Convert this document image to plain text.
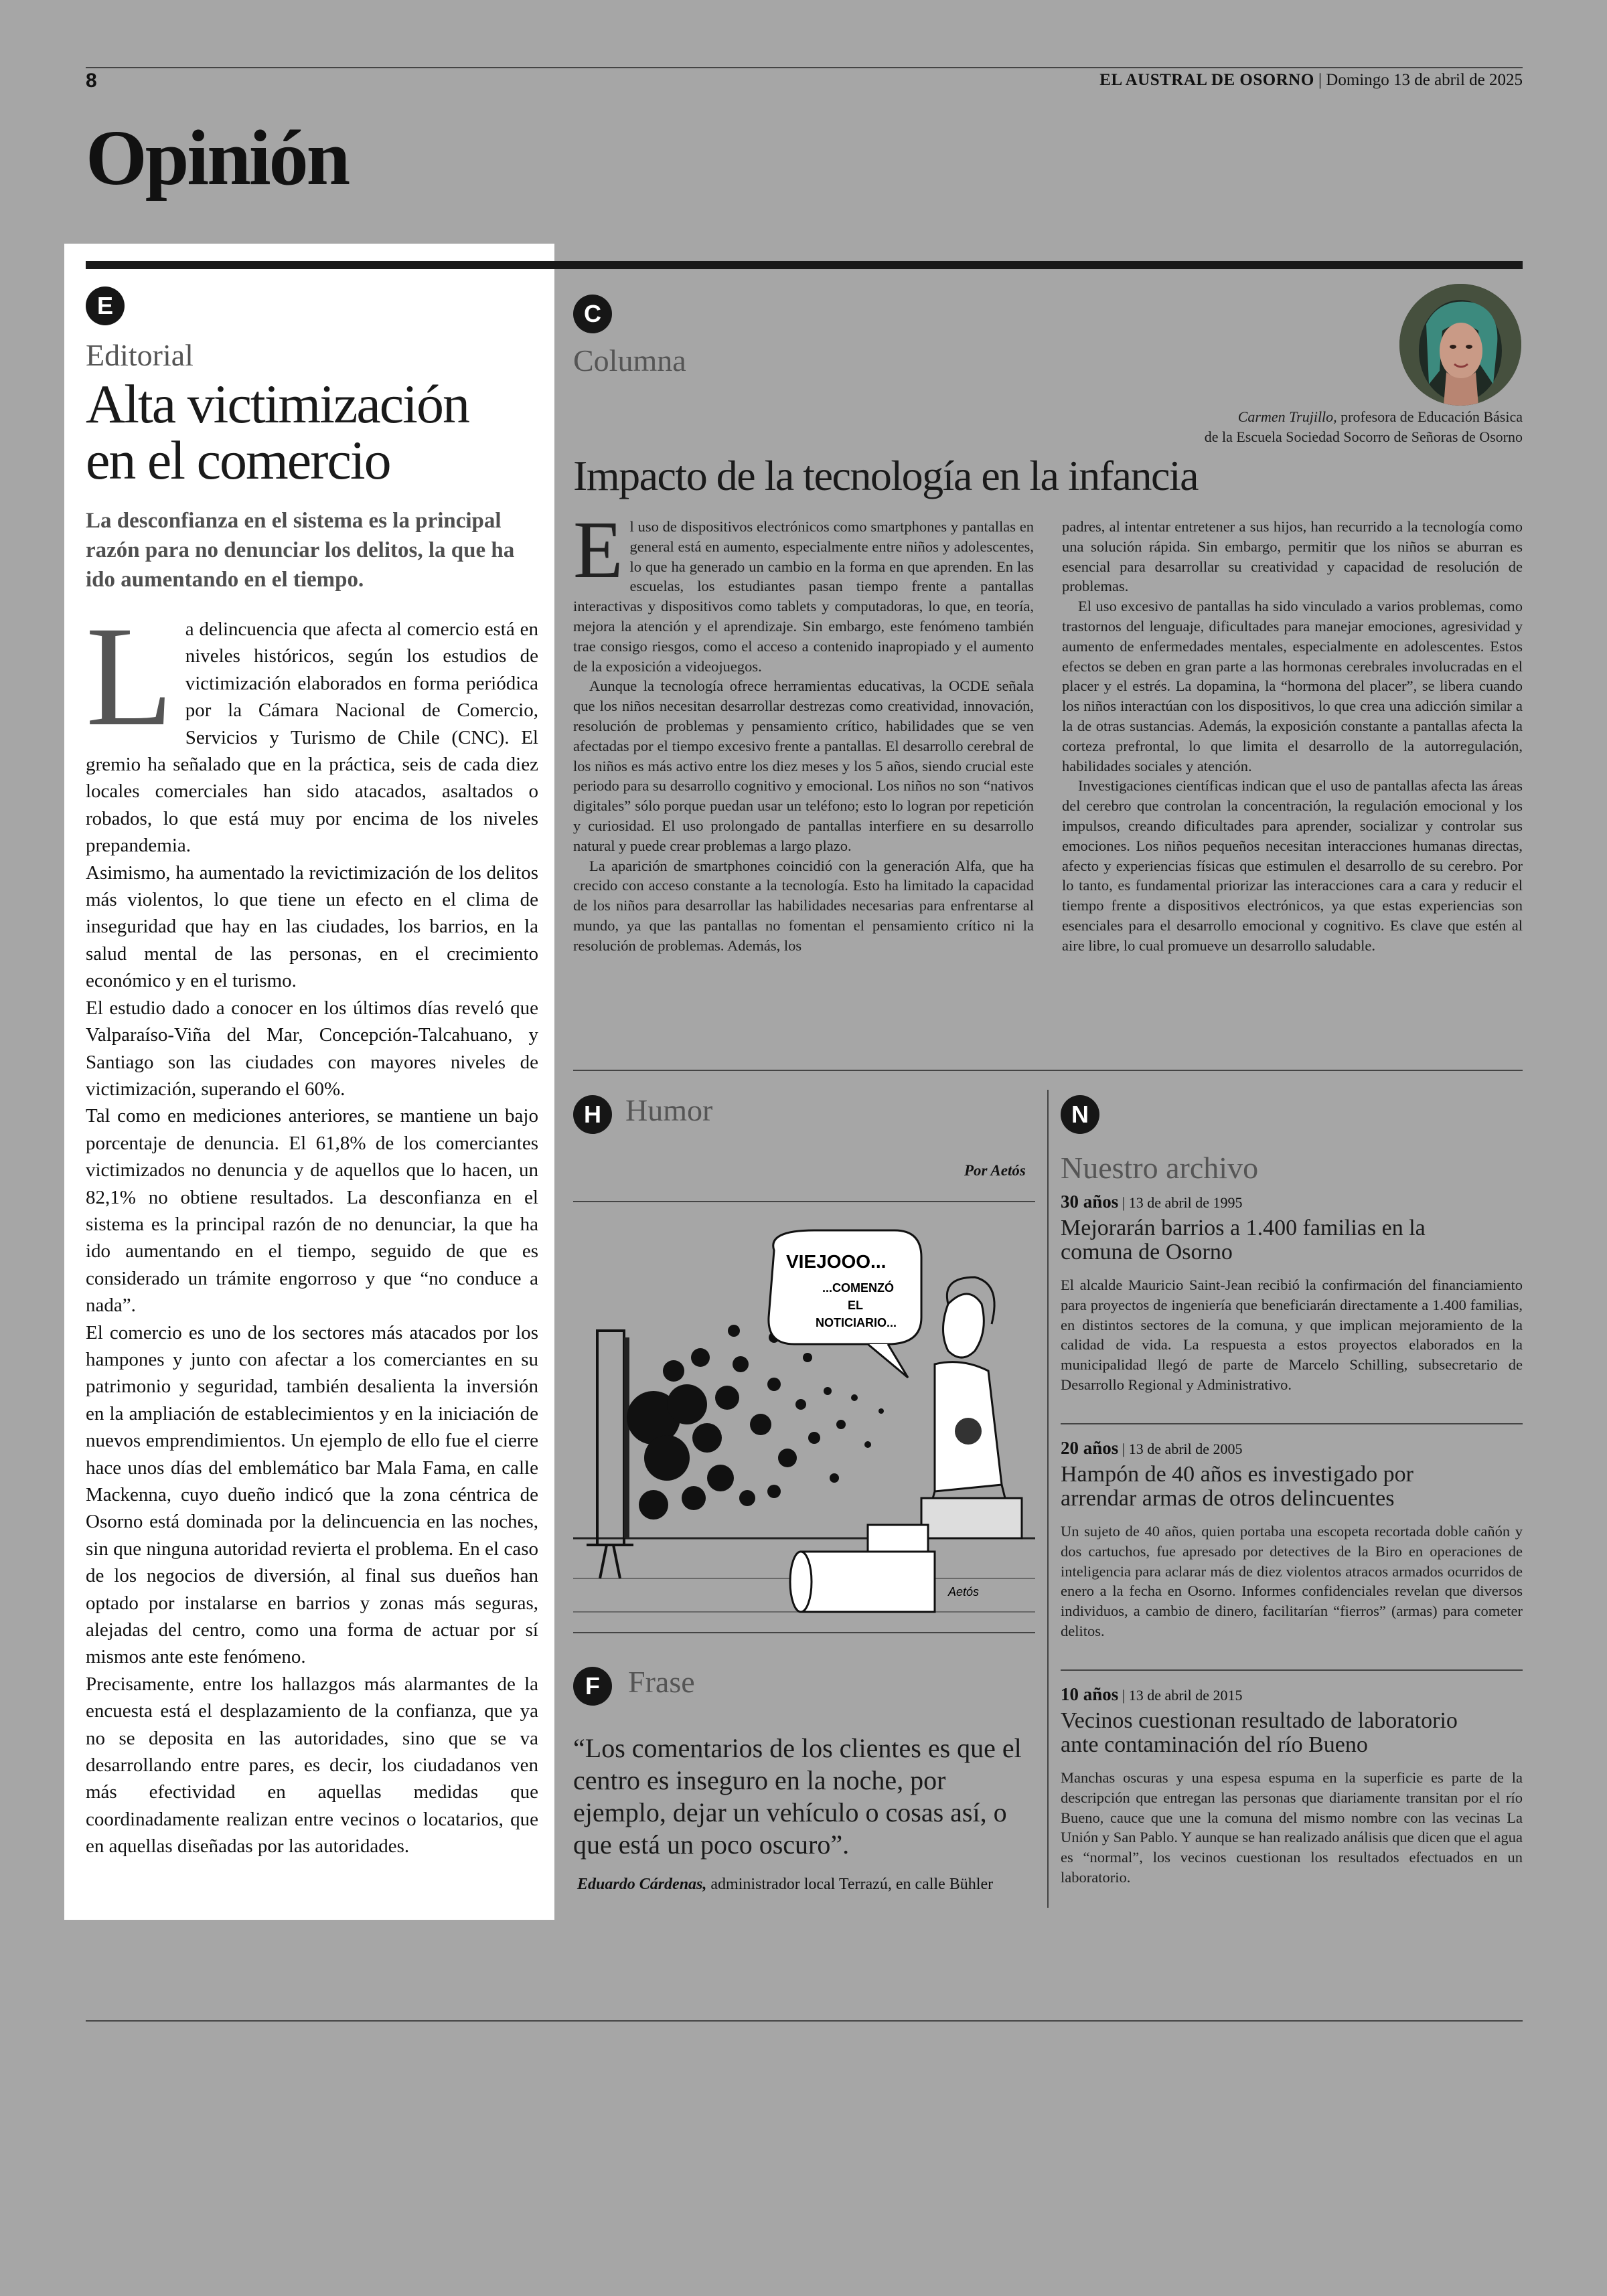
8	EL AUSTRAL DE OSORNO | Domingo 13 de abril de 2025
Opinión
E
Editorial
Alta victimización
en el comercio
La desconfianza en el sistema es la principal razón para no denunciar los delitos, la que ha ido aumentando en el tiempo.
L a delincuencia que afecta al comercio está en niveles históricos, según los estudios de victimización elaborados en forma periódica por la Cámara Nacional de Comercio, Servicios y Turismo de Chile (CNC). El gremio ha señalado que en la práctica, seis de cada diez locales comerciales han sido atacados, asaltados o robados, lo que está muy por encima de los niveles prepandemia.

Asimismo, ha aumentado la revictimización de los delitos más violentos, lo que tiene un efecto en el clima de inseguridad que hay en las ciudades, los barrios, en la salud mental de las personas, en el crecimiento económico y en el turismo.

El estudio dado a conocer en los últimos días reveló que Valparaíso-Viña del Mar, Concepción-Talcahuano, y Santiago son las ciudades con mayores niveles de victimización, superando el 60%.

Tal como en mediciones anteriores, se mantiene un bajo porcentaje de denuncia. El 61,8% de los comerciantes victimizados no denuncia y de aquellos que lo hacen, un 82,1% no obtiene resultados. La desconfianza en el sistema es la principal razón de no denunciar, la que ha ido aumentando en el tiempo, seguido de que es considerado un trámite engorroso y que “no conduce a nada”.

El comercio es uno de los sectores más atacados por los hampones y junto con afectar a los comerciantes en su patrimonio y seguridad, también desalienta la inversión en la ampliación de establecimientos y en la iniciación de nuevos emprendimientos. Un ejemplo de ello fue el cierre hace unos días del emblemático bar Mala Fama, en calle Mackenna, cuyo dueño indicó que la zona céntrica de Osorno está dominada por la delincuencia en las noches, sin que ninguna autoridad revierta el problema. En el caso de los negocios de diversión, al final sus dueños han optado por instalarse en barrios y zonas más seguras, alejadas del centro, como una forma de actuar por sí mismos ante este fenómeno.

Precisamente, entre los hallazgos más alarmantes de la encuesta está el desplazamiento de la confianza, que ya no se deposita en las autoridades, sino que se va desarrollando entre pares, es decir, los ciudadanos ven más efectividad en aquellas medidas que coordinadamente realizan entre vecinos o locatarios, que en aquellas diseñadas por las autoridades.

C
Columna
Carmen Trujillo, profesora de Educación Básica
de la Escuela Sociedad Socorro de Señoras de Osorno
Impacto de la tecnología en la infancia
E l uso de dispositivos electrónicos como smartphones y pantallas en general está en aumento, especialmente entre niños y adolescentes, lo que ha generado un cambio en la forma en que aprenden. En las escuelas, los estudiantes pasan tiempo frente a pantallas interactivas y dispositivos como tablets y computadoras, lo que, en teoría, mejora la atención y el aprendizaje. Sin embargo, este fenómeno también trae consigo riesgos, como el acceso a contenido inapropiado y el aumento de la exposición a videojuegos.

Aunque la tecnología ofrece herramientas educativas, la OCDE señala que los niños necesitan desarrollar destrezas como creatividad, innovación, resolución de problemas y pensamiento crítico, habilidades que se ven afectadas por el tiempo excesivo frente a pantallas. El desarrollo cerebral de los niños es más activo entre los diez meses y los 5 años, siendo crucial este periodo para su desarrollo cognitivo y emocional. Los niños no son “nativos digitales” sólo porque puedan usar un teléfono; esto lo logran por repetición y curiosidad. El uso prolongado de pantallas interfiere en su desarrollo natural y puede crear problemas a largo plazo.

La aparición de smartphones coincidió con la generación Alfa, que ha crecido con acceso constante a la tecnología. Esto ha limitado la capacidad de los niños para desarrollar las habilidades necesarias para enfrentarse al mundo, ya que las pantallas no fomentan el pensamiento crítico ni la resolución de problemas. Además, los

padres, al intentar entretener a sus hijos, han recurrido a la tecnología como una solución rápida. Sin embargo, permitir que los niños se aburran es esencial para desarrollar su creatividad y capacidad de resolución de problemas.

El uso excesivo de pantallas ha sido vinculado a varios problemas, como trastornos del lenguaje, dificultades para manejar emociones, agresividad y aumento de enfermedades mentales, especialmente en adolescentes. Estos efectos se deben en gran parte a las hormonas cerebrales involucradas en el placer y el estrés. La dopamina, la “hormona del placer”, se libera cuando los niños interactúan con los dispositivos, lo que crea una adicción similar a la de otras sustancias. Además, la exposición constante a pantallas afecta la corteza prefrontal, lo que limita el desarrollo de la autorregulación, habilidades sociales y atención.

Investigaciones científicas indican que el uso de pantallas afecta las áreas del cerebro que controlan la concentración, la regulación emocional y los impulsos, creando dificultades para aprender, socializar y controlar sus emociones. Los niños pequeños necesitan interacciones humanas directas, afecto y experiencias físicas que estimulen el desarrollo de su cerebro. Por lo tanto, es fundamental priorizar las interacciones cara a cara y reducir el tiempo frente a dispositivos electrónicos, ya que estas experiencias son esenciales para el desarrollo emocional y cognitivo. Es clave que estén al aire libre, lo cual promueve un desarrollo saludable.

H Humor
Por Aetós
VIEJOOO...
...COMENZÓ
EL
NOTICIARIO...
Aetós
F Frase
“Los comentarios de los clientes es que el centro es inseguro en la noche, por ejemplo, dejar un vehículo o cosas así, o que está un poco oscuro”.
Eduardo Cárdenas, administrador local Terrazú, en calle Bühler
N
Nuestro archivo
30 años | 13 de abril de 1995
Mejorarán barrios a 1.400 familias en la comuna de Osorno
El alcalde Mauricio Saint-Jean recibió la confirmación del financiamiento para proyectos de ingeniería que beneficiarán directamente a 1.400 familias, en distintos sectores de la comuna, y que implican mejoramiento de la calidad de vida. La respuesta a estos proyectos elaborados en la municipalidad llegó de parte de Marcelo Schilling, subsecretario de Desarrollo Regional y Administrativo.
20 años | 13 de abril de 2005
Hampón de 40 años es investigado por arrendar armas de otros delincuentes
Un sujeto de 40 años, quien portaba una escopeta recortada doble cañón y dos cartuchos, fue apresado por detectives de la Biro en operaciones de inteligencia para aclarar más de diez violentos atracos armados ocurridos de enero a la fecha en Osorno. Informes confidenciales revelan que diversos individuos, a cambio de dinero, facilitarían “fierros” (armas) para cometer delitos.
10 años | 13 de abril de 2015
Vecinos cuestionan resultado de laboratorio ante contaminación del río Bueno
Manchas oscuras y una espesa espuma en la superficie es parte de la descripción que entregan las personas que diariamente transitan por el río Bueno, cauce que une la comuna del mismo nombre con las vecinas La Unión y San Pablo. Y aunque se han realizado análisis que dicen que el agua es “normal”, los vecinos cuestionan los resultados efectuados en un laboratorio.
